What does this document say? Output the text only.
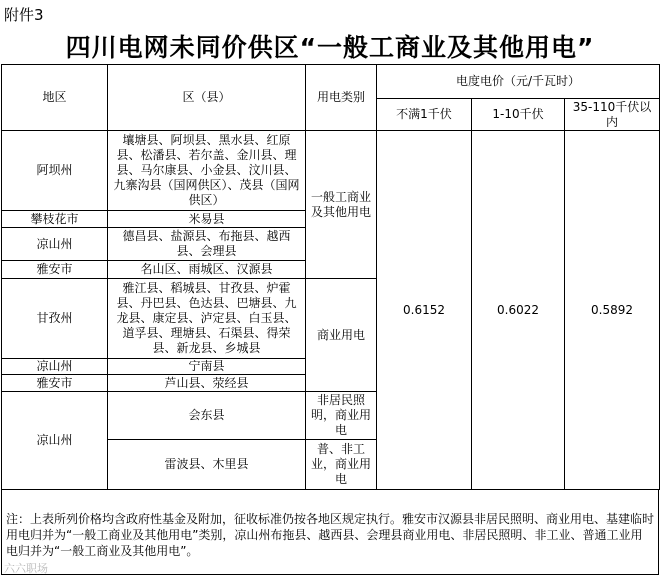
附件3
四川电网未同价供区“一般工商业及其他用电”
地区	区（县）	用电类别	电度电价（元/千瓦时）		
			不满1千伏	1-10千伏	35-110千伏以内
阿坝州	壤塘县、阿坝县、黑水县、红原县、松潘县、若尔盖、金川县、理县、马尔康县、小金县、汶川县、九寨沟县（国网供区）、茂县（国网供区）	一般工商业及其他用电	0.6152	0.6022	0.5892
攀枝花市	米易县				
凉山州	德昌县、盐源县、布拖县、越西县、会理县				
雅安市	名山区、雨城区、汉源县				
甘孜州	雅江县、稻城县、甘孜县、炉霍县、丹巴县、色达县、巴塘县、九龙县、康定县、泸定县、白玉县、道孚县、理塘县、石渠县、得荣县、新龙县、乡城县	商业用电			
凉山州	宁南县				
雅安市	芦山县、荥经县				
凉山州	会东县	非居民照明，商业用电			
	雷波县、木里县	普、非工业，商业用电			
注：上表所列价格均含政府性基金及附加，征收标准仍按各地区规定执行。雅安市汉源县非居民照明、商业用电、基建临时用电归并为“一般工商业及其他用电”类别，凉山州布拖县、越西县、会理县商业用电、非居民照明、非工业、普通工业用电归并为“一般工商业及其他用电”。
六六职场
